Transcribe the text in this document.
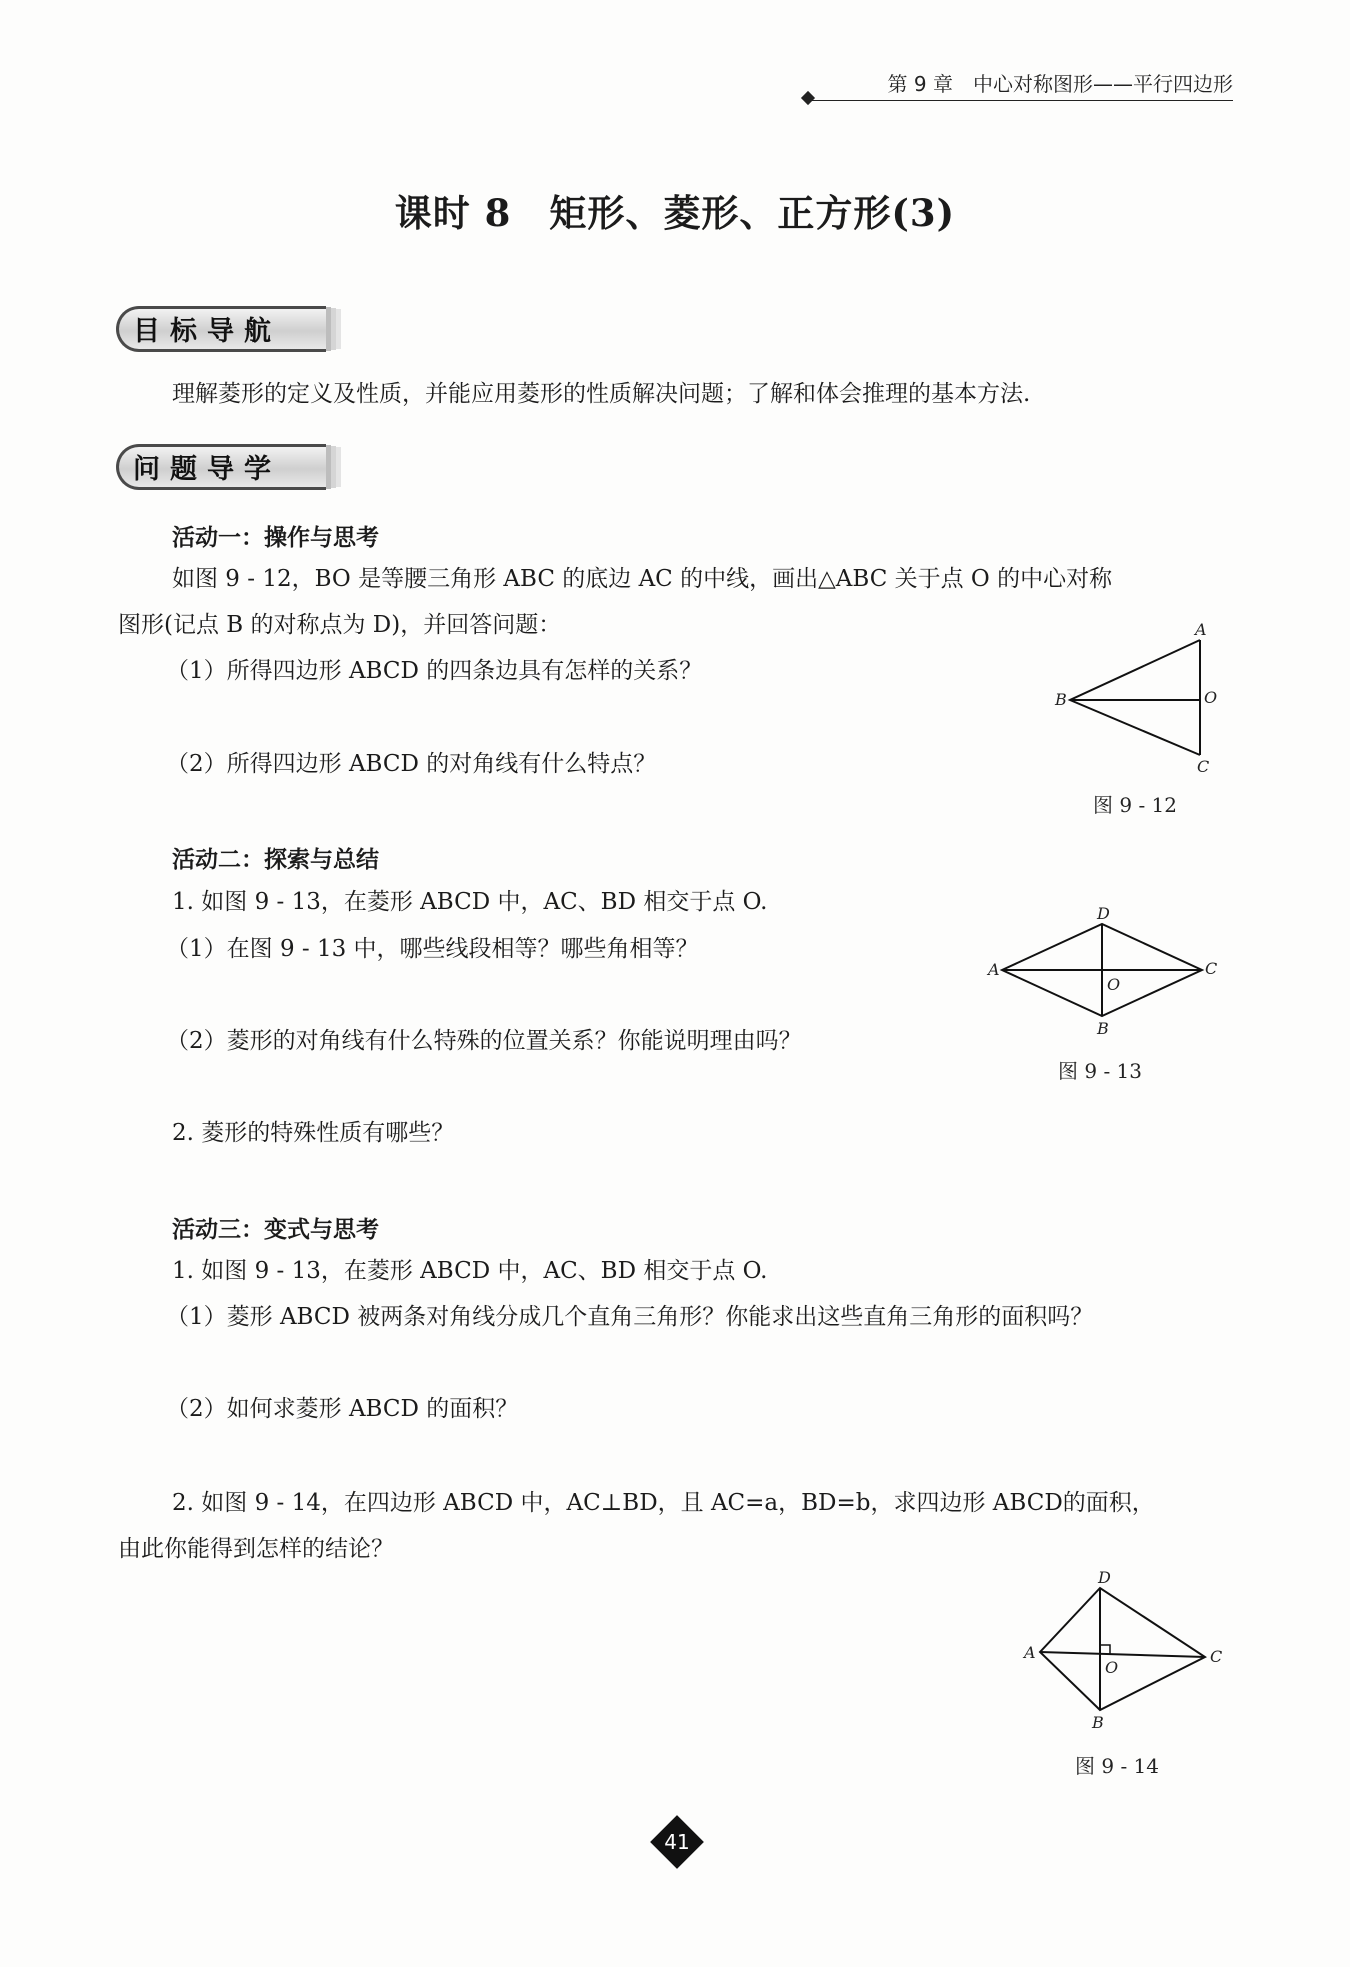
第 9 章　中心对称图形——平行四边形
课时 8　矩形、菱形、正方形(3)
目标导航
理解菱形的定义及性质，并能应用菱形的性质解决问题；了解和体会推理的基本方法.
问题导学
活动一：操作与思考
如图 9 - 12，BO 是等腰三角形 ABC 的底边 AC 的中线，画出△ABC 关于点 O 的中心对称
图形(记点 B 的对称点为 D)，并回答问题：
（1）所得四边形 ABCD 的四条边具有怎样的关系？
（2）所得四边形 ABCD 的对角线有什么特点？
A
B	O
C
图 9 - 12
活动二：探索与总结
1. 如图 9 - 13，在菱形 ABCD 中，AC、BD 相交于点 O.
（1）在图 9 - 13 中，哪些线段相等？哪些角相等？
（2）菱形的对角线有什么特殊的位置关系？你能说明理由吗？
2. 菱形的特殊性质有哪些？
D
A	C
O
B
图 9 - 13
活动三：变式与思考
1. 如图 9 - 13，在菱形 ABCD 中，AC、BD 相交于点 O.
（1）菱形 ABCD 被两条对角线分成几个直角三角形？你能求出这些直角三角形的面积吗？
（2）如何求菱形 ABCD 的面积？
2. 如图 9 - 14，在四边形 ABCD 中，AC⊥BD，且 AC=a，BD=b，求四边形 ABCD的面积，
由此你能得到怎样的结论？
D
A	C
O
B
图 9 - 14
41
